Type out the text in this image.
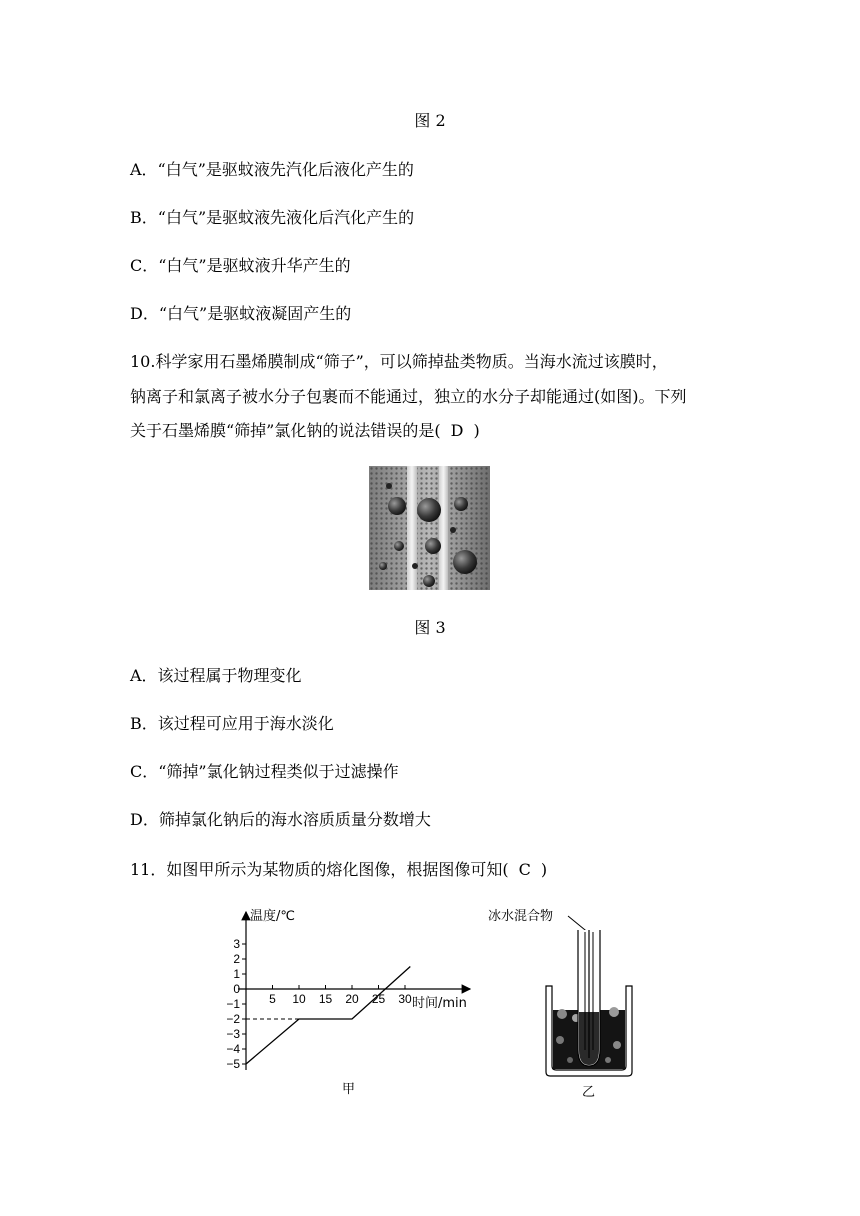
图 2
A．“白气”是驱蚊液先汽化后液化产生的
B．“白气”是驱蚊液先液化后汽化产生的
C．“白气”是驱蚊液升华产生的
D．“白气”是驱蚊液凝固产生的
10.科学家用石墨烯膜制成“筛子”，可以筛掉盐类物质。当海水流过该膜时，
钠离子和氯离子被水分子包裹而不能通过，独立的水分子却能通过(如图)。下列
关于石墨烯膜“筛掉”氯化钠的说法错误的是( D )
图 3
A．该过程属于物理变化
B．该过程可应用于海水淡化
C．“筛掉”氯化钠过程类似于过滤操作
D．筛掉氯化钠后的海水溶质质量分数增大
11．如图甲所示为某物质的熔化图像，根据图像可知( C )
温度/℃
时间/min
3
2
1
0
−1
−2
−3
−4
−5
5 10 15 20 25 30
甲
冰水混合物
乙
